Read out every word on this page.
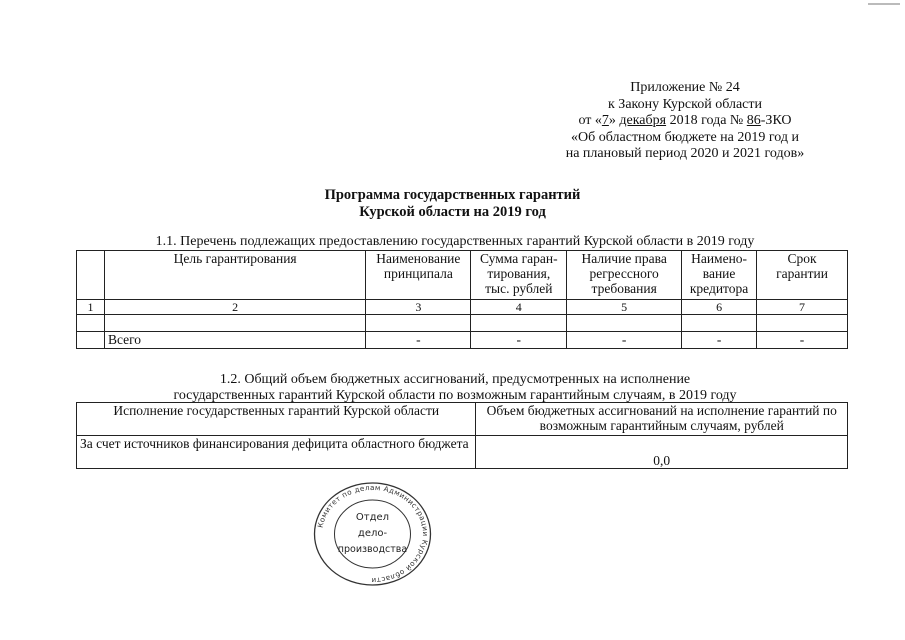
Приложение № 24
к Закону Курской области
от «7» декабря 2018 года № 86-ЗКО
«Об областном бюджете на 2019 год и
на плановый период 2020 и 2021 годов»
Программа государственных гарантий
Курской области на 2019 год
1.1. Перечень подлежащих предоставлению государственных гарантий Курской области в 2019 году
	Цель гарантирования	Наименование принципала	Сумма гаран- тирования, тыс. рублей	Наличие права регрессного требования	Наимено- вание кредитора	Срок гарантии
1	2	3	4	5	6	7

	Всего	-	-	-	-	-
1.2. Общий объем бюджетных ассигнований, предусмотренных на исполнение
государственных гарантий Курской области по возможным гарантийным случаям, в 2019 году
Исполнение государственных гарантий Курской области	Объем бюджетных ассигнований на исполнение гарантий по возможным гарантийным случаям, рублей
За счет источников финансирования дефицита областного бюджета	0,0
Комитет по делам Администрации Курской области
Отдел
дело-
производства
